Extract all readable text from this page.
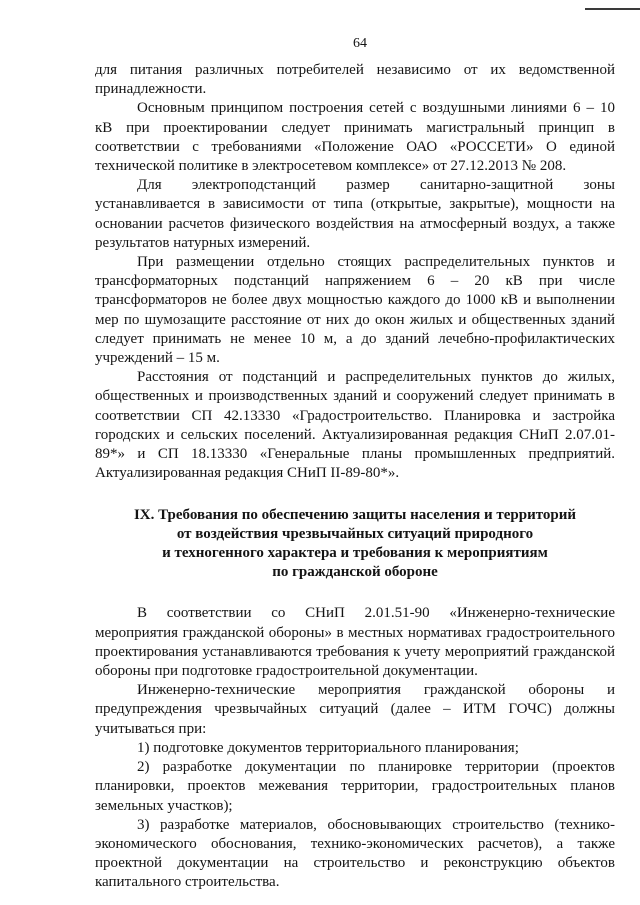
64

для питания различных потребителей независимо от их ведомственной принадлежности.

Основным принципом построения сетей с воздушными линиями 6 – 10 кВ при проектировании следует принимать магистральный принцип в соответствии с требованиями «Положение ОАО «РОССЕТИ» О единой технической политике в электросетевом комплексе» от 27.12.2013 № 208.

Для электроподстанций размер санитарно-защитной зоны устанавливается в зависимости от типа (открытые, закрытые), мощности на основании расчетов физического воздействия на атмосферный воздух, а также результатов натурных измерений.

При размещении отдельно стоящих распределительных пунктов и трансформаторных подстанций напряжением 6 – 20 кВ при числе трансформаторов не более двух мощностью каждого до 1000 кВ и выполнении мер по шумозащите расстояние от них до окон жилых и общественных зданий следует принимать не менее 10 м, а до зданий лечебно-профилактических учреждений – 15 м.

Расстояния от подстанций и распределительных пунктов до жилых, общественных и производственных зданий и сооружений следует принимать в соответствии СП 42.13330 «Градостроительство. Планировка и застройка городских и сельских поселений. Актуализированная редакция СНиП 2.07.01-89*» и СП 18.13330 «Генеральные планы промышленных предприятий. Актуализированная редакция СНиП II-89-80*».

IX. Требования по обеспечению защиты населения и территорий
от воздействия чрезвычайных ситуаций природного
и техногенного характера и требования к мероприятиям
по гражданской обороне

В соответствии со СНиП 2.01.51-90 «Инженерно-технические мероприятия гражданской обороны» в местных нормативах градостроительного проектирования устанавливаются требования к учету мероприятий гражданской обороны при подготовке градостроительной документации.

Инженерно-технические мероприятия гражданской обороны и предупреждения чрезвычайных ситуаций (далее – ИТМ ГОЧС) должны учитываться при:

1) подготовке документов территориального планирования;

2) разработке документации по планировке территории (проектов планировки, проектов межевания территории, градостроительных планов земельных участков);

3) разработке материалов, обосновывающих строительство (технико-экономического обоснования, технико-экономических расчетов), а также проектной документации на строительство и реконструкцию объектов капитального строительства.
